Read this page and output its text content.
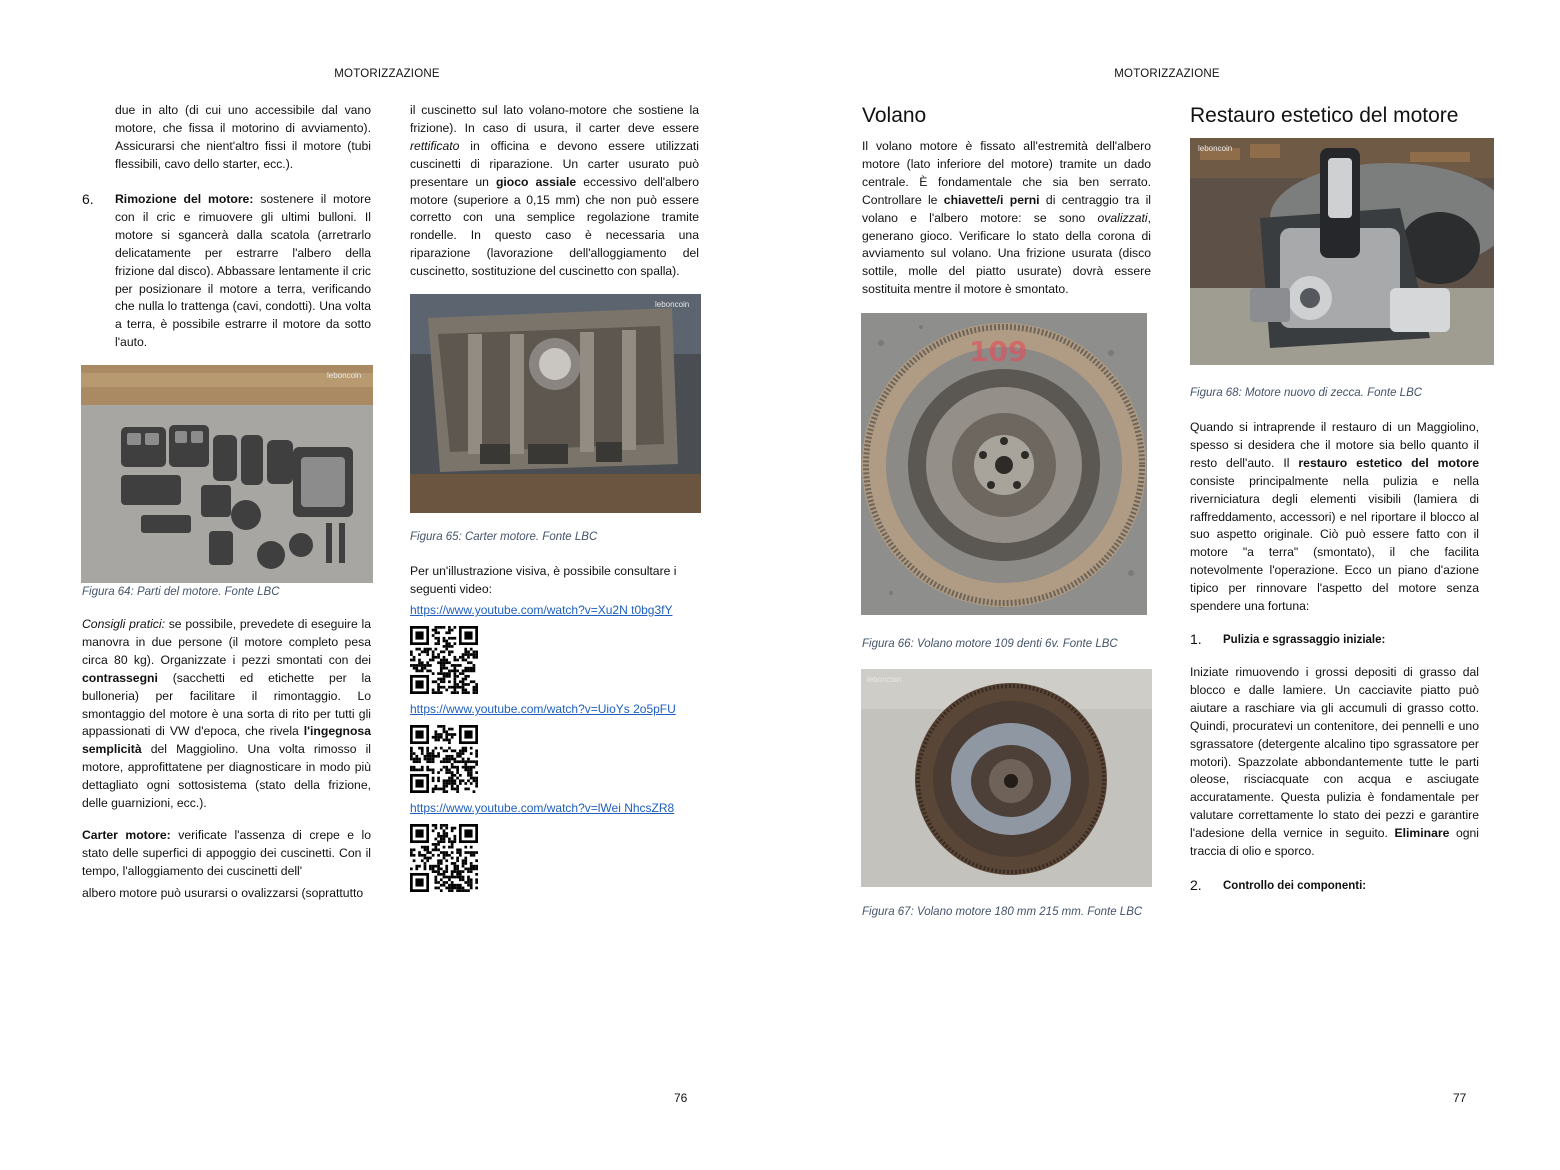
MOTORIZZAZIONE

due in alto (di cui uno accessibile dal vano motore, che fissa il motorino di avviamento). Assicurarsi che nient'altro fissi il motore (tubi flessibili, cavo dello starter, ecc.).

6. Rimozione del motore: sostenere il motore con il cric e rimuovere gli ultimi bulloni. Il motore si sgancerà dalla scatola (arretrarlo delicatamente per estrarre l'albero della frizione dal disco). Abbassare lentamente il cric per posizionare il motore a terra, verificando che nulla lo trattenga (cavi, condotti). Una volta a terra, è possibile estrarre il motore da sotto l'auto.

leboncoin
Figura 64: Parti del motore. Fonte LBC

Consigli pratici: se possibile, prevedete di eseguire la manovra in due persone (il motore completo pesa circa 80 kg). Organizzate i pezzi smontati con dei contrassegni (sacchetti ed etichette per la bulloneria) per facilitare il rimontaggio. Lo smontaggio del motore è una sorta di rito per tutti gli appassionati di VW d'epoca, che rivela l'ingegnosa semplicità del Maggiolino. Una volta rimosso il motore, approfittatene per diagnosticare in modo più dettagliato ogni sottosistema (stato della frizione, delle guarnizioni, ecc.).

Carter motore: verificate l'assenza di crepe e lo stato delle superfici di appoggio dei cuscinetti. Con il tempo, l'alloggiamento dei cuscinetti dell'

albero motore può usurarsi o ovalizzarsi (soprattutto

il cuscinetto sul lato volano-motore che sostiene la frizione). In caso di usura, il carter deve essere rettificato in officina e devono essere utilizzati cuscinetti di riparazione. Un carter usurato può presentare un gioco assiale eccessivo dell'albero motore (superiore a 0,15 mm) che non può essere corretto con una semplice regolazione tramite rondelle. In questo caso è necessaria una riparazione (lavorazione dell'alloggiamento del cuscinetto, sostituzione del cuscinetto con spalla).

leboncoin
Figura 65: Carter motore. Fonte LBC
Per un'illustrazione visiva, è possibile consultare i seguenti video:
https://www.youtube.com/watch?v=Xu2N t0bg3fY
https://www.youtube.com/watch?v=UioYs 2o5pFU
https://www.youtube.com/watch?v=lWei NhcsZR8
76
MOTORIZZAZIONE
Volano

Il volano motore è fissato all'estremità dell'albero motore (lato inferiore del motore) tramite un dado centrale. È fondamentale che sia ben serrato. Controllare le chiavette/i perni di centraggio tra il volano e l'albero motore: se sono ovalizzati, generano gioco. Verificare lo stato della corona di avviamento sul volano. Una frizione usurata (disco sottile, molle del piatto usurate) dovrà essere sostituita mentre il motore è smontato.

109
Figura 66: Volano motore 109 denti 6v. Fonte LBC
leboncoin
Figura 67: Volano motore 180 mm 215 mm. Fonte LBC
Restauro estetico del motore
leboncoin
Figura 68: Motore nuovo di zecca. Fonte LBC

Quando si intraprende il restauro di un Maggiolino, spesso si desidera che il motore sia bello quanto il resto dell'auto. Il restauro estetico del motore consiste principalmente nella pulizia e nella riverniciatura degli elementi visibili (lamiera di raffreddamento, accessori) e nel riportare il blocco al suo aspetto originale. Ciò può essere fatto con il motore "a terra" (smontato), il che facilita notevolmente l'operazione. Ecco un piano d'azione tipico per rinnovare l'aspetto del motore senza spendere una fortuna:

1. Pulizia e sgrassaggio iniziale:

Iniziate rimuovendo i grossi depositi di grasso dal blocco e dalle lamiere. Un cacciavite piatto può aiutare a raschiare via gli accumuli di grasso cotto. Quindi, procuratevi un contenitore, dei pennelli e uno sgrassatore (detergente alcalino tipo sgrassatore per motori). Spazzolate abbondantemente tutte le parti oleose, risciacquate con acqua e asciugate accuratamente. Questa pulizia è fondamentale per valutare correttamente lo stato dei pezzi e garantire l'adesione della vernice in seguito. Eliminare ogni traccia di olio e sporco.

2. Controllo dei componenti:
77
